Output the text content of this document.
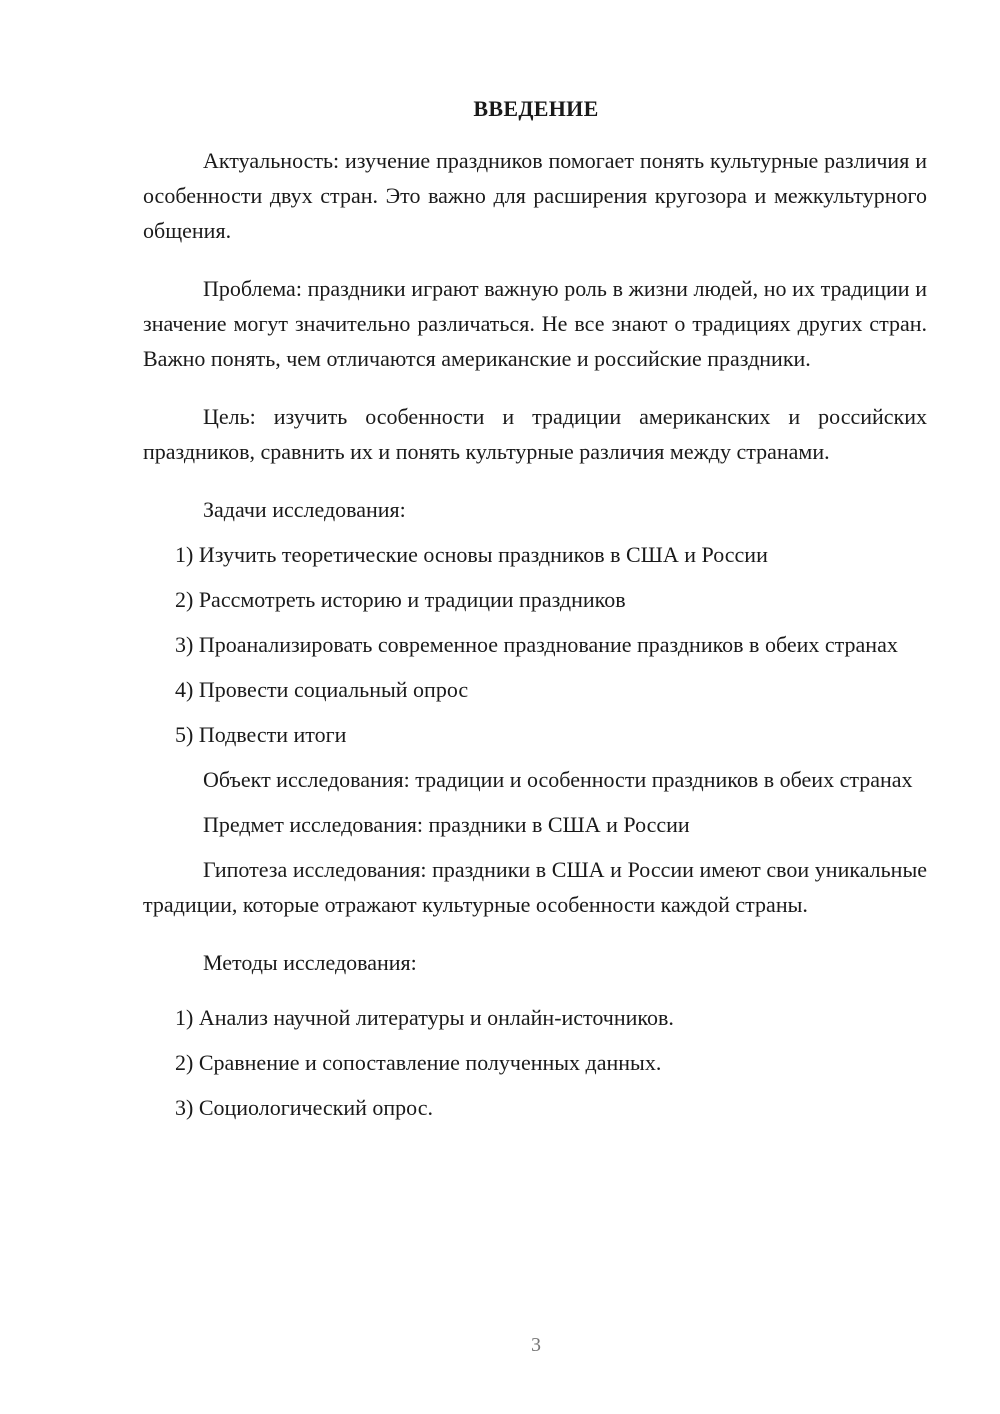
ВВЕДЕНИЕ

Актуальность: изучение праздников помогает понять культурные различия и особенности двух стран. Это важно для расширения кругозора и межкультурного общения.

Проблема: праздники играют важную роль в жизни людей, но их традиции и значение могут значительно различаться. Не все знают о традициях других стран. Важно понять, чем отличаются американские и российские праздники.

Цель: изучить особенности и традиции американских и российских праздников, сравнить их и понять культурные различия между странами.

Задачи исследования:

1) Изучить теоретические основы праздников в США и России

2) Рассмотреть историю и традиции праздников

3) Проанализировать современное празднование праздников в обеих странах

4) Провести социальный опрос

5) Подвести итоги

Объект исследования: традиции и особенности праздников в обеих странах

Предмет исследования: праздники в США и России

Гипотеза исследования: праздники в США и России имеют свои уникальные традиции, которые отражают культурные особенности каждой страны.

Методы исследования:

1) Анализ научной литературы и онлайн-источников.

2) Сравнение и сопоставление полученных данных.

3) Социологический опрос.

3
